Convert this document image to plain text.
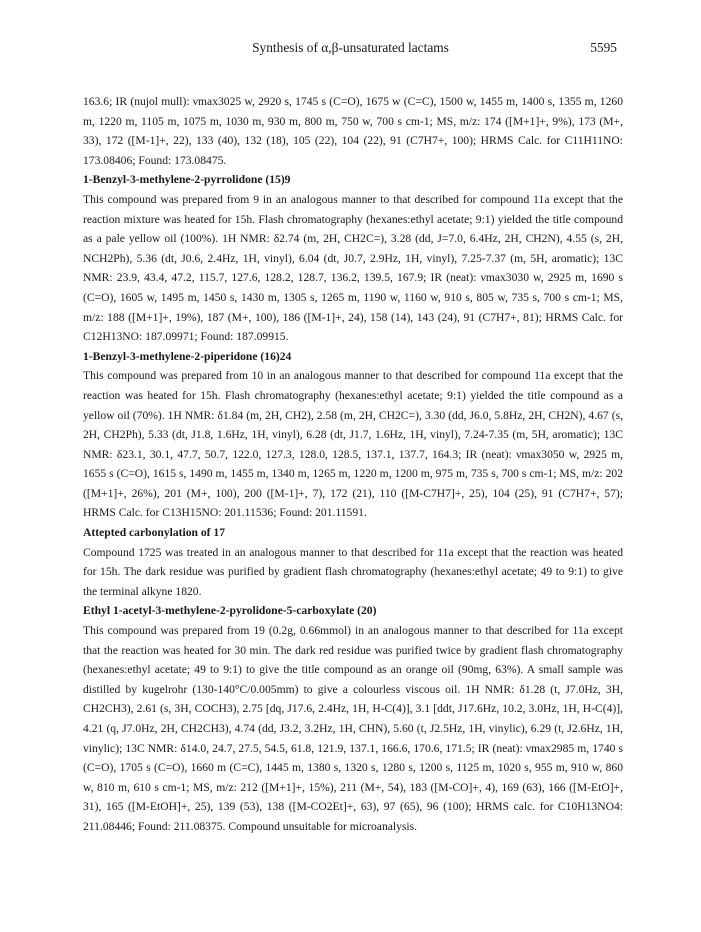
Synthesis of α,β-unsaturated lactams	5595

163.6; IR (nujol mull): νmax3025 w, 2920 s, 1745 s (C=O), 1675 w (C=C), 1500 w, 1455 m, 1400 s, 1355 m, 1260 m, 1220 m, 1105 m, 1075 m, 1030 m, 930 m, 800 m, 750 w, 700 s cm-1; MS, m/z: 174 ([M+1]+, 9%), 173 (M+, 33), 172 ([M-1]+, 22), 133 (40), 132 (18), 105 (22), 104 (22), 91 (C7H7+, 100); HRMS Calc. for C11H11NO: 173.08406; Found: 173.08475.

1-Benzyl-3-methylene-2-pyrrolidone (15)9

This compound was prepared from 9 in an analogous manner to that described for compound 11a except that the reaction mixture was heated for 15h. Flash chromatography (hexanes:ethyl acetate; 9:1) yielded the title compound as a pale yellow oil (100%). 1H NMR: δ2.74 (m, 2H, CH2C=), 3.28 (dd, J=7.0, 6.4Hz, 2H, CH2N), 4.55 (s, 2H, NCH2Ph), 5.36 (dt, J0.6, 2.4Hz, 1H, vinyl), 6.04 (dt, J0.7, 2.9Hz, 1H, vinyl), 7.25-7.37 (m, 5H, aromatic); 13C NMR: 23.9, 43.4, 47.2, 115.7, 127.6, 128.2, 128.7, 136.2, 139.5, 167.9; IR (neat): νmax3030 w, 2925 m, 1690 s (C=O), 1605 w, 1495 m, 1450 s, 1430 m, 1305 s, 1265 m, 1190 w, 1160 w, 910 s, 805 w, 735 s, 700 s cm-1; MS, m/z: 188 ([M+1]+, 19%), 187 (M+, 100), 186 ([M-1]+, 24), 158 (14), 143 (24), 91 (C7H7+, 81); HRMS Calc. for C12H13NO: 187.09971; Found: 187.09915.

1-Benzyl-3-methylene-2-piperidone (16)24

This compound was prepared from 10 in an analogous manner to that described for compound 11a except that the reaction was heated for 15h. Flash chromatography (hexanes:ethyl acetate; 9:1) yielded the title compound as a yellow oil (70%). 1H NMR: δ1.84 (m, 2H, CH2), 2.58 (m, 2H, CH2C=), 3.30 (dd, J6.0, 5.8Hz, 2H, CH2N), 4.67 (s, 2H, CH2Ph), 5.33 (dt, J1.8, 1.6Hz, 1H, vinyl), 6.28 (dt, J1.7, 1.6Hz, 1H, vinyl), 7.24-7.35 (m, 5H, aromatic); 13C NMR: δ23.1, 30.1, 47.7, 50.7, 122.0, 127.3, 128.0, 128.5, 137.1, 137.7, 164.3; IR (neat): νmax3050 w, 2925 m, 1655 s (C=O), 1615 s, 1490 m, 1455 m, 1340 m, 1265 m, 1220 m, 1200 m, 975 m, 735 s, 700 s cm-1; MS, m/z: 202 ([M+1]+, 26%), 201 (M+, 100), 200 ([M-1]+, 7), 172 (21), 110 ([M-C7H7]+, 25), 104 (25), 91 (C7H7+, 57); HRMS Calc. for C13H15NO: 201.11536; Found: 201.11591.

Attepted carbonylation of 17

Compound 1725 was treated in an analogous manner to that described for 11a except that the reaction was heated for 15h. The dark residue was purified by gradient flash chromatography (hexanes:ethyl acetate; 49 to 9:1) to give the terminal alkyne 1820.

Ethyl 1-acetyl-3-methylene-2-pyrolidone-5-carboxylate (20)

This compound was prepared from 19 (0.2g, 0.66mmol) in an analogous manner to that described for 11a except that the reaction was heated for 30 min. The dark red residue was purified twice by gradient flash chromatography (hexanes:ethyl acetate; 49 to 9:1) to give the title compound as an orange oil (90mg, 63%). A small sample was distilled by kugelrohr (130-140°C/0.005mm) to give a colourless viscous oil. 1H NMR: δ1.28 (t, J7.0Hz, 3H, CH2CH3), 2.61 (s, 3H, COCH3), 2.75 [dq, J17.6, 2.4Hz, 1H, H-C(4)], 3.1 [ddt, J17.6Hz, 10.2, 3.0Hz, 1H, H-C(4)], 4.21 (q, J7.0Hz, 2H, CH2CH3), 4.74 (dd, J3.2, 3.2Hz, 1H, CHN), 5.60 (t, J2.5Hz, 1H, vinylic), 6.29 (t, J2.6Hz, 1H, vinylic); 13C NMR: δ14.0, 24.7, 27.5, 54.5, 61.8, 121.9, 137.1, 166.6, 170.6, 171.5; IR (neat): νmax2985 m, 1740 s (C=O), 1705 s (C=O), 1660 m (C=C), 1445 m, 1380 s, 1320 s, 1280 s, 1200 s, 1125 m, 1020 s, 955 m, 910 w, 860 w, 810 m, 610 s cm-1; MS, m/z: 212 ([M+1]+, 15%), 211 (M+, 54), 183 ([M-CO]+, 4), 169 (63), 166 ([M-EtO]+, 31), 165 ([M-EtOH]+, 25), 139 (53), 138 ([M-CO2Et]+, 63), 97 (65), 96 (100); HRMS calc. for C10H13NO4: 211.08446; Found: 211.08375. Compound unsuitable for microanalysis.
